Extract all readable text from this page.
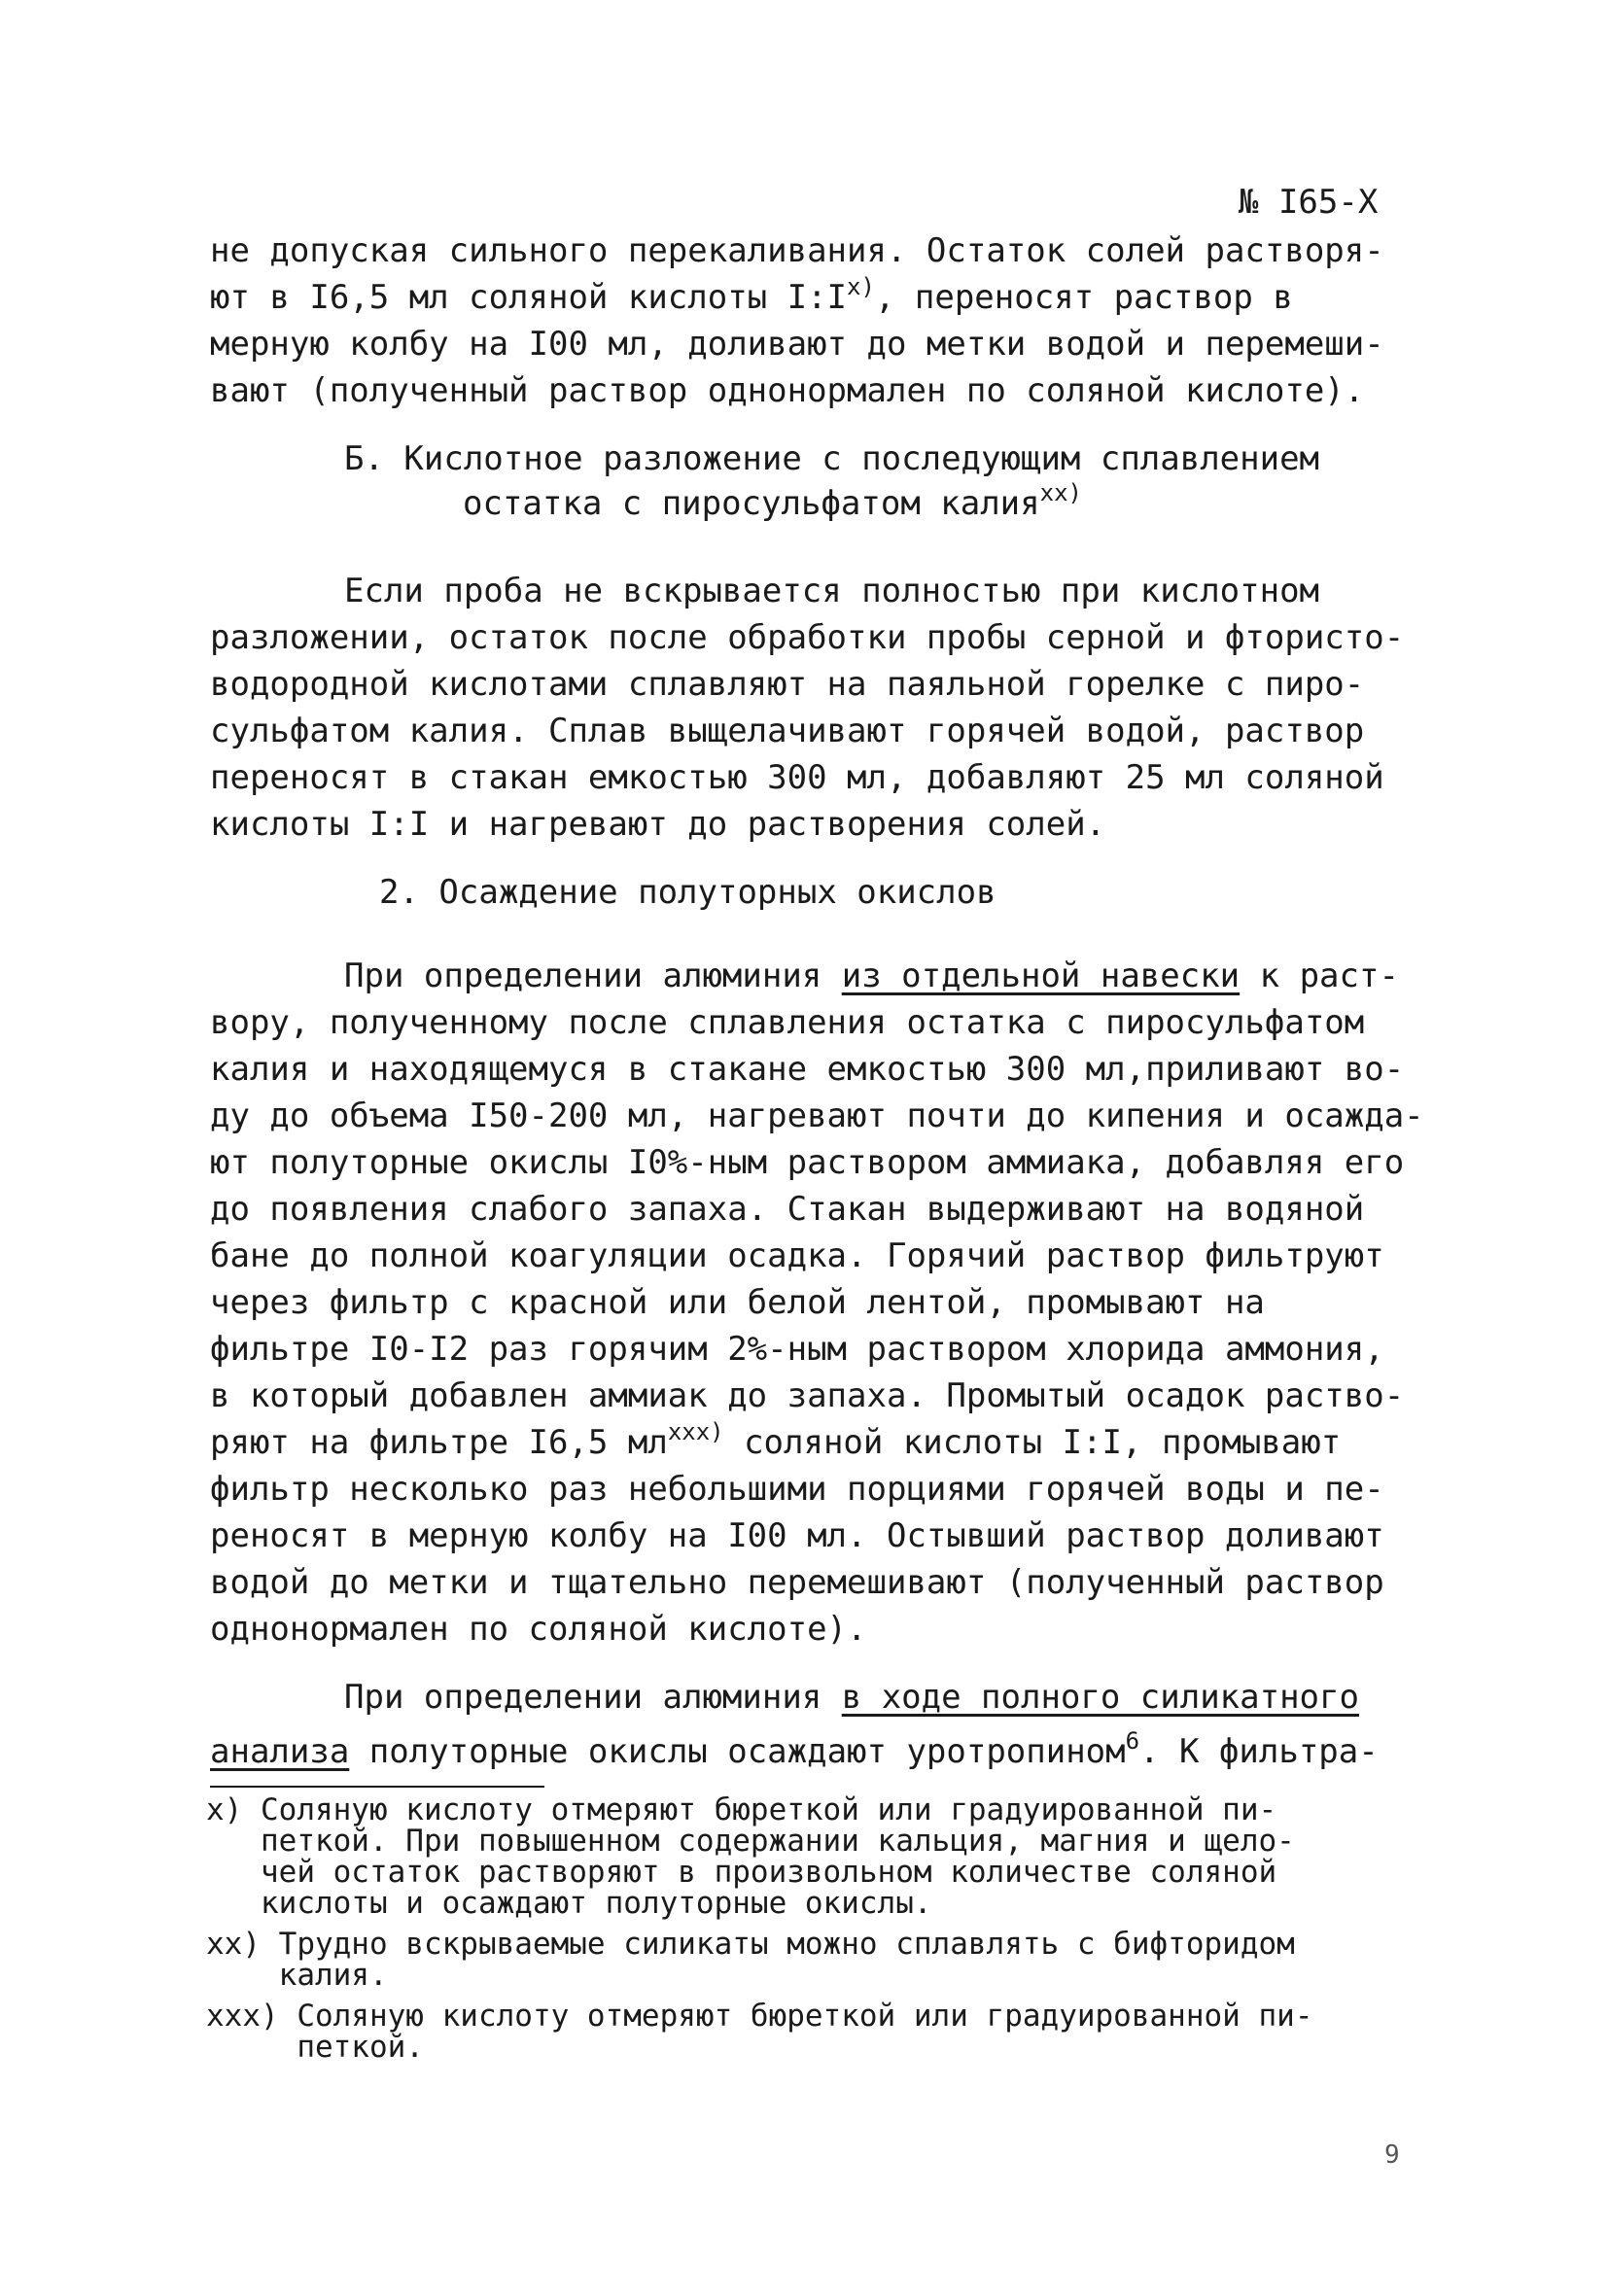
№ I65-X
не допуская сильного перекаливания. Остаток солей растворя-
ют в I6,5 мл соляной кислоты $I:I^{x)}$, переносят раствор в
мерную колбу на I00 мл, доливают до метки водой и перемеши-
вают (полученный раствор однонормален по соляной кислоте).
Б. Кислотное разложение с последующим сплавлением
остатка с пиросульфатом калия$^{xx)}$
Если проба не вскрывается полностью при кислотном
разложении, остаток после обработки пробы серной и фтористо-
водородной кислотами сплавляют на паяльной горелке с пиро-
сульфатом калия. Сплав выщелачивают горячей водой, раствор
переносят в стакан емкостью 300 мл, добавляют 25 мл соляной
кислоты I:I и нагревают до растворения солей.
2. Осаждение полуторных окислов
При определении алюминия из отдельной навески к раст-
вору, полученному после сплавления остатка с пиросульфатом
калия и находящемуся в стакане емкостью 300 мл,приливают во-
ду до объема I50-200 мл, нагревают почти до кипения и осажда-
ют полуторные окислы I0%-ным раствором аммиака, добавляя его
до появления слабого запаха. Стакан выдерживают на водяной
бане до полной коагуляции осадка. Горячий раствор фильтруют
через фильтр с красной или белой лентой, промывают на
фильтре I0-I2 раз горячим 2%-ным раствором хлорида аммония,
в который добавлен аммиак до запаха. Промытый осадок раство-
ряют на фильтре I6,5 $мл^{xxx)}$ соляной кислоты I:I, промывают
фильтр несколько раз небольшими порциями горячей воды и пе-
реносят в мерную колбу на I00 мл. Остывший раствор доливают
водой до метки и тщательно перемешивают (полученный раствор
однонормален по соляной кислоте).
При определении алюминия в ходе полного силикатного
анализа полуторные окислы осаждают уротропином$^6$. К фильтра-
x) Соляную кислоту отмеряют бюреткой или градуированной пи-
петкой. При повышенном содержании кальция, магния и щело-
чей остаток растворяют в произвольном количестве соляной
кислоты и осаждают полуторные окислы.
xx) Трудно вскрываемые силикаты можно сплавлять с бифторидом
калия.
xxx) Соляную кислоту отмеряют бюреткой или градуированной пи-
петкой.
9
